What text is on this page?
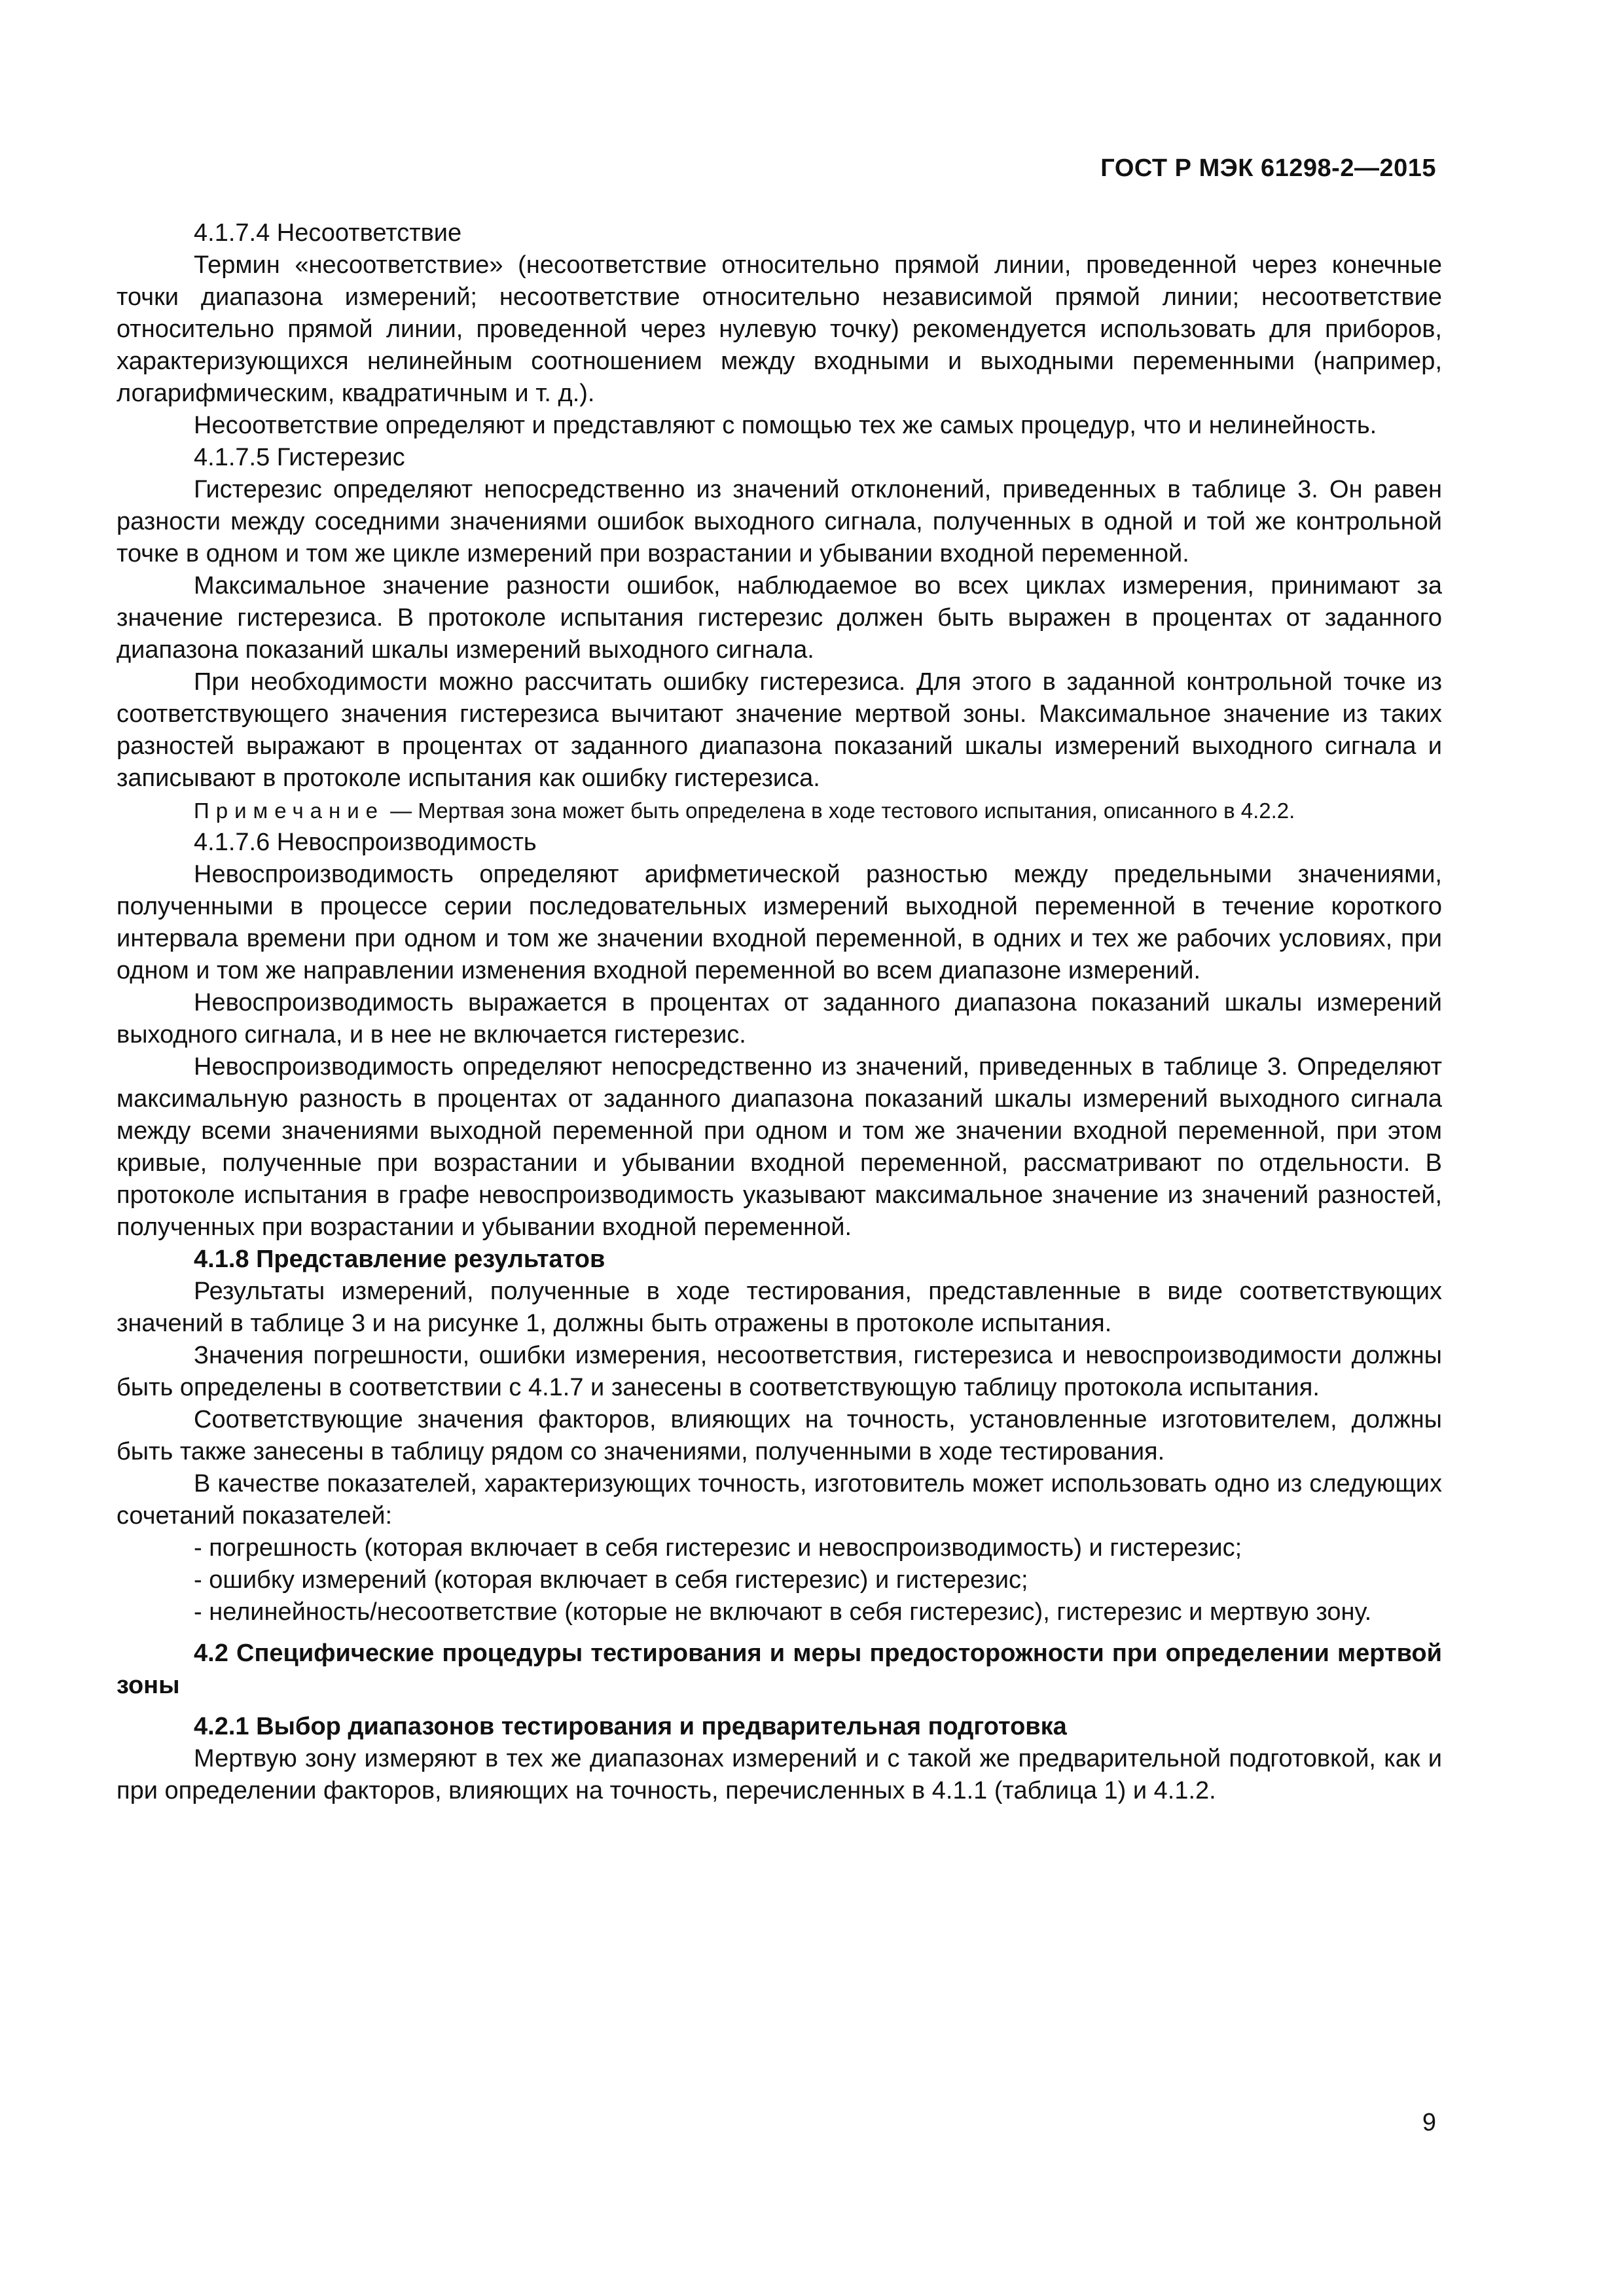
ГОСТ Р МЭК 61298-2—2015

4.1.7.4 Несоответствие

Термин «несоответствие» (несоответствие относительно прямой линии, проведенной через конечные точки диапазона измерений; несоответствие относительно независимой прямой линии; несоответствие относительно прямой линии, проведенной через нулевую точку) рекомендуется использовать для приборов, характеризующихся нелинейным соотношением между входными и выходными переменными (например, логарифмическим, квадратичным и т. д.).

Несоответствие определяют и представляют с помощью тех же самых процедур, что и нелинейность.

4.1.7.5 Гистерезис

Гистерезис определяют непосредственно из значений отклонений, приведенных в таблице 3. Он равен разности между соседними значениями ошибок выходного сигнала, полученных в одной и той же контрольной точке в одном и том же цикле измерений при возрастании и убывании входной переменной.

Максимальное значение разности ошибок, наблюдаемое во всех циклах измерения, принимают за значение гистерезиса. В протоколе испытания гистерезис должен быть выражен в процентах от заданного диапазона показаний шкалы измерений выходного сигнала.

При необходимости можно рассчитать ошибку гистерезиса. Для этого в заданной контрольной точке из соответствующего значения гистерезиса вычитают значение мертвой зоны. Максимальное значение из таких разностей выражают в процентах от заданного диапазона показаний шкалы измерений выходного сигнала и записывают в протоколе испытания как ошибку гистерезиса.

Примечание — Мертвая зона может быть определена в ходе тестового испытания, описанного в 4.2.2.

4.1.7.6 Невоспроизводимость

Невоспроизводимость определяют арифметической разностью между предельными значениями, полученными в процессе серии последовательных измерений выходной переменной в течение короткого интервала времени при одном и том же значении входной переменной, в одних и тех же рабочих условиях, при одном и том же направлении изменения входной переменной во всем диапазоне измерений.

Невоспроизводимость выражается в процентах от заданного диапазона показаний шкалы измерений выходного сигнала, и в нее не включается гистерезис.

Невоспроизводимость определяют непосредственно из значений, приведенных в таблице 3. Определяют максимальную разность в процентах от заданного диапазона показаний шкалы измерений выходного сигнала между всеми значениями выходной переменной при одном и том же значении входной переменной, при этом кривые, полученные при возрастании и убывании входной переменной, рассматривают по отдельности. В протоколе испытания в графе невоспроизводимость указывают максимальное значение из значений разностей, полученных при возрастании и убывании входной переменной.

4.1.8 Представление результатов

Результаты измерений, полученные в ходе тестирования, представленные в виде соответствующих значений в таблице 3 и на рисунке 1, должны быть отражены в протоколе испытания.

Значения погрешности, ошибки измерения, несоответствия, гистерезиса и невоспроизводимости должны быть определены в соответствии с 4.1.7 и занесены в соответствующую таблицу протокола испытания.

Соответствующие значения факторов, влияющих на точность, установленные изготовителем, должны быть также занесены в таблицу рядом со значениями, полученными в ходе тестирования.

В качестве показателей, характеризующих точность, изготовитель может использовать одно из следующих сочетаний показателей:

- погрешность (которая включает в себя гистерезис и невоспроизводимость) и гистерезис;

- ошибку измерений (которая включает в себя гистерезис) и гистерезис;

- нелинейность/несоответствие (которые не включают в себя гистерезис), гистерезис и мертвую зону.

4.2 Специфические процедуры тестирования и меры предосторожности при определении мертвой зоны

4.2.1 Выбор диапазонов тестирования и предварительная подготовка

Мертвую зону измеряют в тех же диапазонах измерений и с такой же предварительной подготовкой, как и при определении факторов, влияющих на точность, перечисленных в 4.1.1 (таблица 1) и 4.1.2.

9
